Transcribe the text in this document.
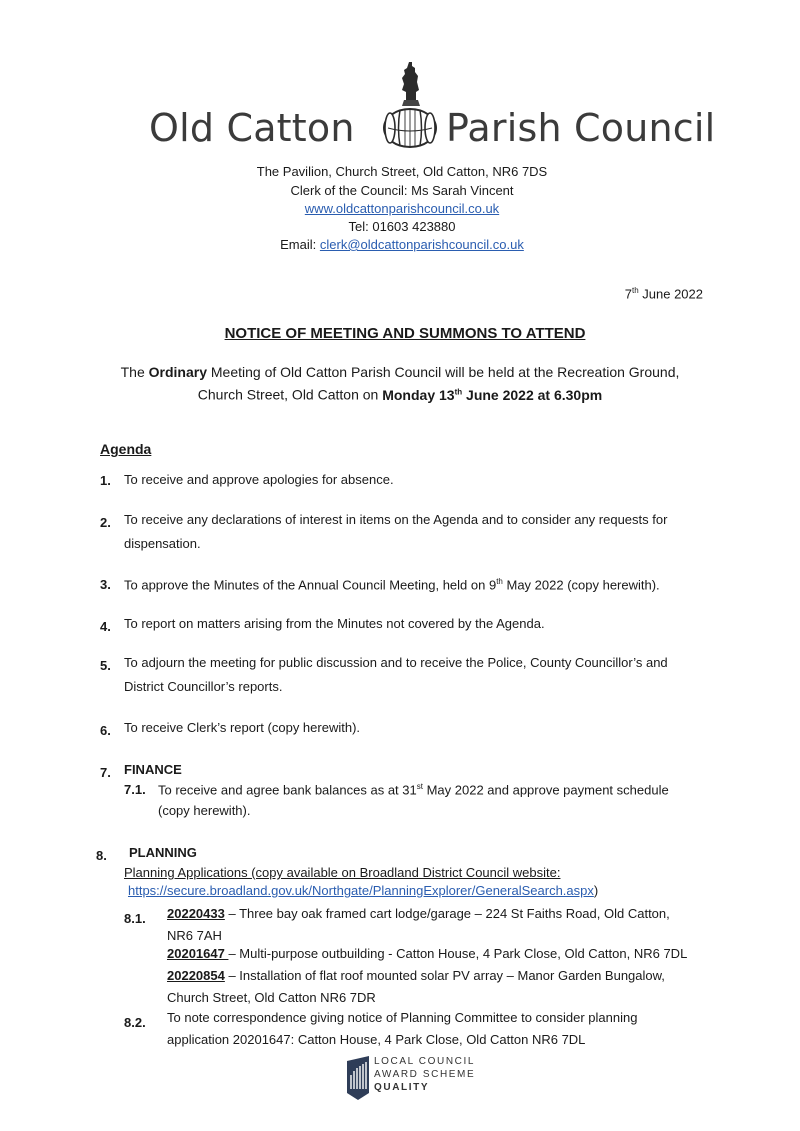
Old Catton Parish Council
The Pavilion, Church Street, Old Catton, NR6 7DS
Clerk of the Council: Ms Sarah Vincent
www.oldcattonparishcouncil.co.uk
Tel: 01603 423880
Email: clerk@oldcattonparishcouncil.co.uk
7th June 2022
NOTICE OF MEETING AND SUMMONS TO ATTEND
The Ordinary Meeting of Old Catton Parish Council will be held at the Recreation Ground,
Church Street, Old Catton on Monday 13th June 2022 at 6.30pm
Agenda
1. To receive and approve apologies for absence.
2. To receive any declarations of interest in items on the Agenda and to consider any requests for
dispensation.
3. To approve the Minutes of the Annual Council Meeting, held on 9th May 2022 (copy herewith).
4. To report on matters arising from the Minutes not covered by the Agenda.
5. To adjourn the meeting for public discussion and to receive the Police, County Councillor’s and
District Councillor’s reports.
6. To receive Clerk’s report (copy herewith).
7. FINANCE
7.1. To receive and agree bank balances as at 31st May 2022 and approve payment schedule
(copy herewith).
8. PLANNING
Planning Applications (copy available on Broadland District Council website:
https://secure.broadland.gov.uk/Northgate/PlanningExplorer/GeneralSearch.aspx)
8.1. 20220433 – Three bay oak framed cart lodge/garage – 224 St Faiths Road, Old Catton,
NR6 7AH
20201647 – Multi-purpose outbuilding - Catton House, 4 Park Close, Old Catton, NR6 7DL
20220854 – Installation of flat roof mounted solar PV array – Manor Garden Bungalow,
Church Street, Old Catton NR6 7DR
8.2. To note correspondence giving notice of Planning Committee to consider planning
application 20201647: Catton House, 4 Park Close, Old Catton NR6 7DL
LOCAL COUNCIL
AWARD SCHEME
QUALITY
